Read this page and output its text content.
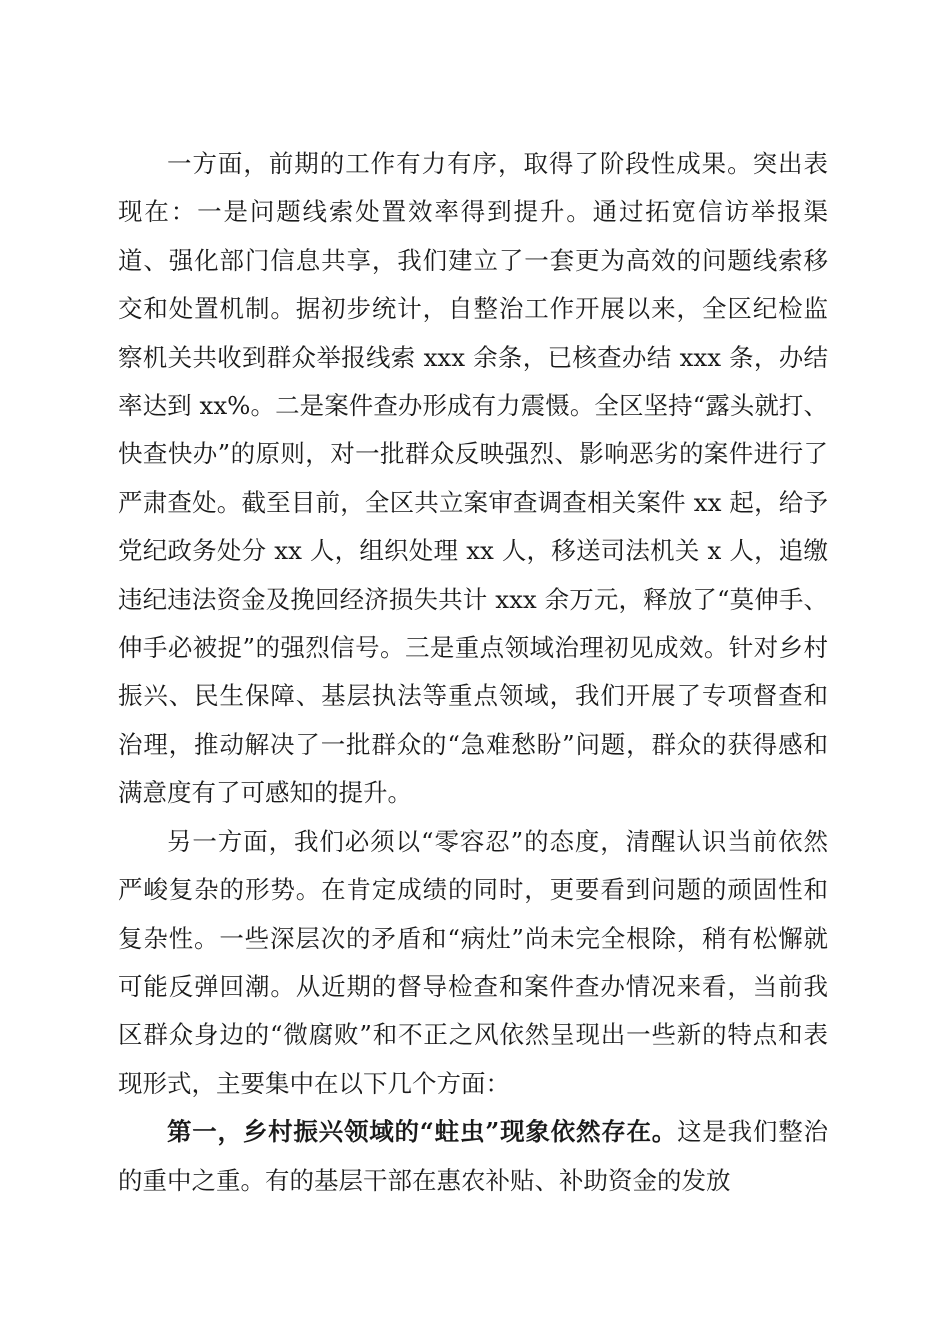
一方面，前期的工作有力有序，取得了阶段性成果。突出表现在：一是问题线索处置效率得到提升。通过拓宽信访举报渠道、强化部门信息共享，我们建立了一套更为高效的问题线索移交和处置机制。据初步统计，自整治工作开展以来，全区纪检监察机关共收到群众举报线索 xxx 余条，已核查办结 xxx 条，办结率达到 xx%。二是案件查办形成有力震慑。全区坚持“露头就打、快查快办”的原则，对一批群众反映强烈、影响恶劣的案件进行了严肃查处。截至目前，全区共立案审查调查相关案件 xx 起，给予党纪政务处分 xx 人，组织处理 xx 人，移送司法机关 x 人，追缴违纪违法资金及挽回经济损失共计 xxx 余万元，释放了“莫伸手、伸手必被捉”的强烈信号。三是重点领域治理初见成效。针对乡村振兴、民生保障、基层执法等重点领域，我们开展了专项督查和治理，推动解决了一批群众的“急难愁盼”问题，群众的获得感和满意度有了可感知的提升。

另一方面，我们必须以“零容忍”的态度，清醒认识当前依然严峻复杂的形势。在肯定成绩的同时，更要看到问题的顽固性和复杂性。一些深层次的矛盾和“病灶”尚未完全根除，稍有松懈就可能反弹回潮。从近期的督导检查和案件查办情况来看，当前我区群众身边的“微腐败”和不正之风依然呈现出一些新的特点和表现形式，主要集中在以下几个方面：

第一，乡村振兴领域的“蛀虫”现象依然存在。这是我们整治的重中之重。有的基层干部在惠农补贴、补助资金的发放
